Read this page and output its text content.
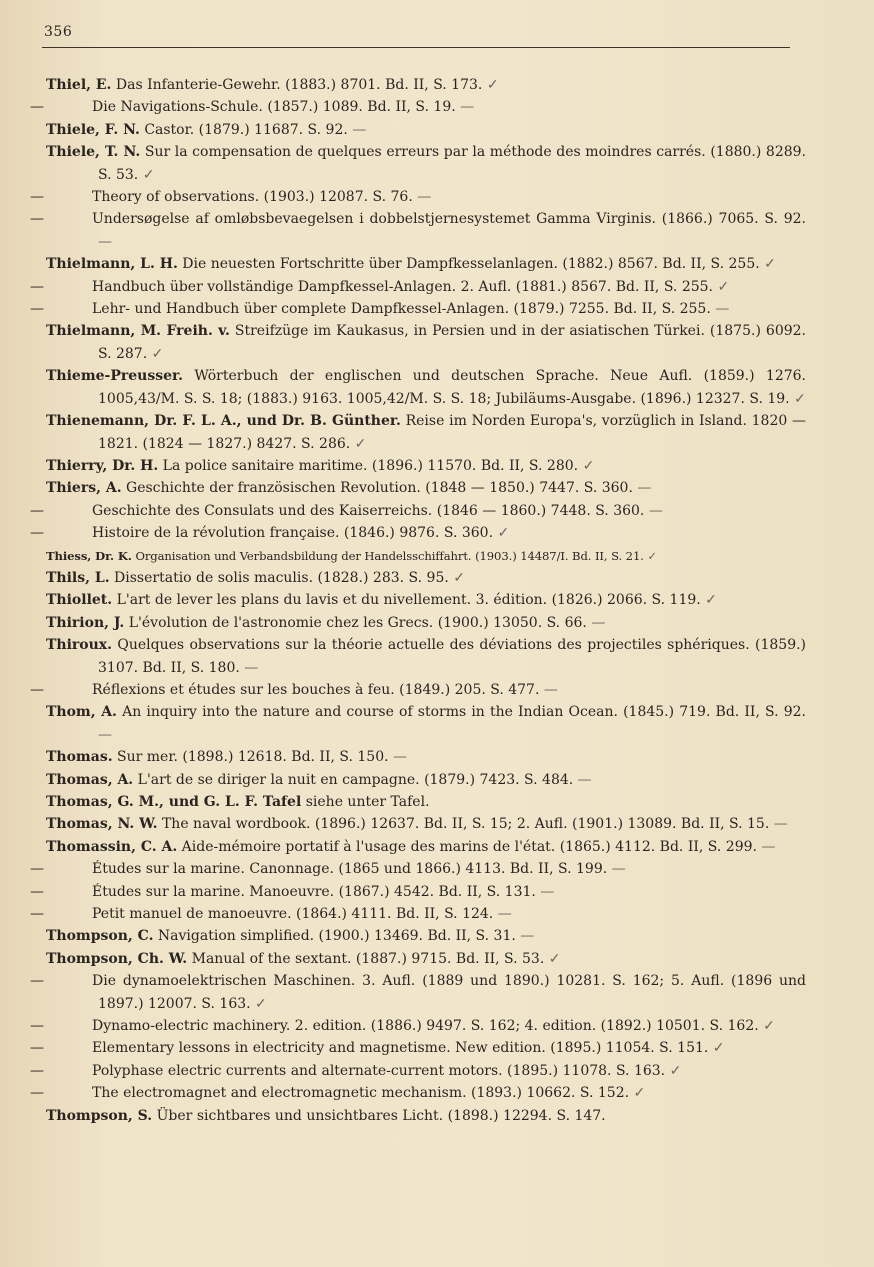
356
Thiel, E. Das Infanterie-Gewehr. (1883.) 8701. Bd. II, S. 173. ✓
—	Die Navigations-Schule. (1857.) 1089. Bd. II, S. 19. —
Thiele, F. N. Castor. (1879.) 11687. S. 92. —
Thiele, T. N. Sur la compensation de quelques erreurs par la méthode des moindres carrés. (1880.) 8289. S. 53. ✓
—	Theory of observations. (1903.) 12087. S. 76. —
—	Undersøgelse af omløbsbevaegelsen i dobbelstjernesystemet Gamma Virginis. (1866.) 7065. S. 92. —
Thielmann, L. H. Die neuesten Fortschritte über Dampfkesselanlagen. (1882.) 8567. Bd. II, S. 255. ✓
—	Handbuch über vollständige Dampfkessel-Anlagen. 2. Aufl. (1881.) 8567. Bd. II, S. 255. ✓
—	Lehr- und Handbuch über complete Dampfkessel-Anlagen. (1879.) 7255. Bd. II, S. 255. —
Thielmann, M. Freih. v. Streifzüge im Kaukasus, in Persien und in der asiatischen Türkei. (1875.) 6092. S. 287. ✓
Thieme-Preusser. Wörterbuch der englischen und deutschen Sprache. Neue Aufl. (1859.) 1276. 1005,43/M. S. S. 18; (1883.) 9163. 1005,42/M. S. S. 18; Jubiläums-Ausgabe. (1896.) 12327. S. 19. ✓
Thienemann, Dr. F. L. A., und Dr. B. Günther. Reise im Norden Europa's, vorzüglich in Island. 1820 — 1821. (1824 — 1827.) 8427. S. 286. ✓
Thierry, Dr. H. La police sanitaire maritime. (1896.) 11570. Bd. II, S. 280. ✓
Thiers, A. Geschichte der französischen Revolution. (1848 — 1850.) 7447. S. 360. —
—	Geschichte des Consulats und des Kaiserreichs. (1846 — 1860.) 7448. S. 360. —
—	Histoire de la révolution française. (1846.) 9876. S. 360. ✓
Thiess, Dr. K. Organisation und Verbandsbildung der Handelsschiffahrt. (1903.) 14487/I. Bd. II, S. 21. ✓
Thils, L. Dissertatio de solis maculis. (1828.) 283. S. 95. ✓
Thiollet. L'art de lever les plans du lavis et du nivellement. 3. édition. (1826.) 2066. S. 119. ✓
Thirion, J. L'évolution de l'astronomie chez les Grecs. (1900.) 13050. S. 66. —
Thiroux. Quelques observations sur la théorie actuelle des déviations des projectiles sphériques. (1859.) 3107. Bd. II, S. 180. —
—	Réflexions et études sur les bouches à feu. (1849.) 205. S. 477. —
Thom, A. An inquiry into the nature and course of storms in the Indian Ocean. (1845.) 719. Bd. II, S. 92. —
Thomas. Sur mer. (1898.) 12618. Bd. II, S. 150. —
Thomas, A. L'art de se diriger la nuit en campagne. (1879.) 7423. S. 484. —
Thomas, G. M., und G. L. F. Tafel siehe unter Tafel.
Thomas, N. W. The naval wordbook. (1896.) 12637. Bd. II, S. 15; 2. Aufl. (1901.) 13089. Bd. II, S. 15. —
Thomassin, C. A. Aide-mémoire portatif à l'usage des marins de l'état. (1865.) 4112. Bd. II, S. 299. —
—	Études sur la marine. Canonnage. (1865 und 1866.) 4113. Bd. II, S. 199. —
—	Études sur la marine. Manoeuvre. (1867.) 4542. Bd. II, S. 131. —
—	Petit manuel de manoeuvre. (1864.) 4111. Bd. II, S. 124. —
Thompson, C. Navigation simplified. (1900.) 13469. Bd. II, S. 31. —
Thompson, Ch. W. Manual of the sextant. (1887.) 9715. Bd. II, S. 53. ✓
—	Die dynamoelektrischen Maschinen. 3. Aufl. (1889 und 1890.) 10281. S. 162; 5. Aufl. (1896 und 1897.) 12007. S. 163. ✓
—	Dynamo-electric machinery. 2. edition. (1886.) 9497. S. 162; 4. edition. (1892.) 10501. S. 162. ✓
—	Elementary lessons in electricity and magnetisme. New edition. (1895.) 11054. S. 151. ✓
—	Polyphase electric currents and alternate-current motors. (1895.) 11078. S. 163. ✓
—	The electromagnet and electromagnetic mechanism. (1893.) 10662. S. 152. ✓
Thompson, S. Über sichtbares und unsichtbares Licht. (1898.) 12294. S. 147.
